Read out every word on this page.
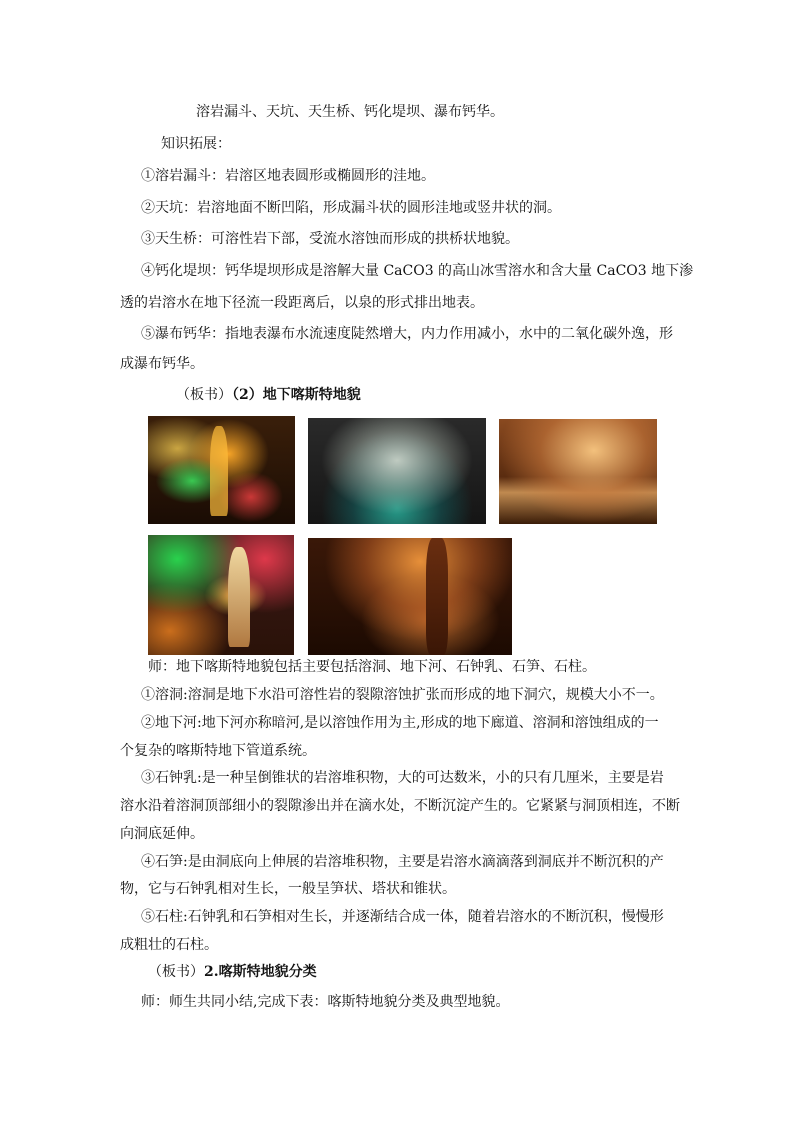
溶岩漏斗、天坑、天生桥、钙化堤坝、瀑布钙华。
知识拓展：
①溶岩漏斗：岩溶区地表圆形或椭圆形的洼地。
②天坑：岩溶地面不断凹陷，形成漏斗状的圆形洼地或竖井状的洞。
③天生桥：可溶性岩下部，受流水溶蚀而形成的拱桥状地貌。
④钙化堤坝：钙华堤坝形成是溶解大量 CaCO3 的高山冰雪溶水和含大量 CaCO3 地下渗
透的岩溶水在地下径流一段距离后，以泉的形式排出地表。
⑤瀑布钙华：指地表瀑布水流速度陡然增大，内力作用减小，水中的二氧化碳外逸，形
成瀑布钙华。
（板书）（2）地下喀斯特地貌
师：地下喀斯特地貌包括主要包括溶洞、地下河、石钟乳、石笋、石柱。
①溶洞:溶洞是地下水沿可溶性岩的裂隙溶蚀扩张而形成的地下洞穴，规模大小不一。
②地下河:地下河亦称暗河,是以溶蚀作用为主,形成的地下廊道、溶洞和溶蚀组成的一
个复杂的喀斯特地下管道系统。
③石钟乳:是一种呈倒锥状的岩溶堆积物，大的可达数米，小的只有几厘米，主要是岩
溶水沿着溶洞顶部细小的裂隙渗出并在滴水处，不断沉淀产生的。它紧紧与洞顶相连，不断
向洞底延伸。
④石笋:是由洞底向上伸展的岩溶堆积物，主要是岩溶水滴滴落到洞底并不断沉积的产
物，它与石钟乳相对生长，一般呈笋状、塔状和锥状。
⑤石柱:石钟乳和石笋相对生长，并逐渐结合成一体，随着岩溶水的不断沉积，慢慢形
成粗壮的石柱。
（板书）2.喀斯特地貌分类
师：师生共同小结,完成下表：喀斯特地貌分类及典型地貌。
